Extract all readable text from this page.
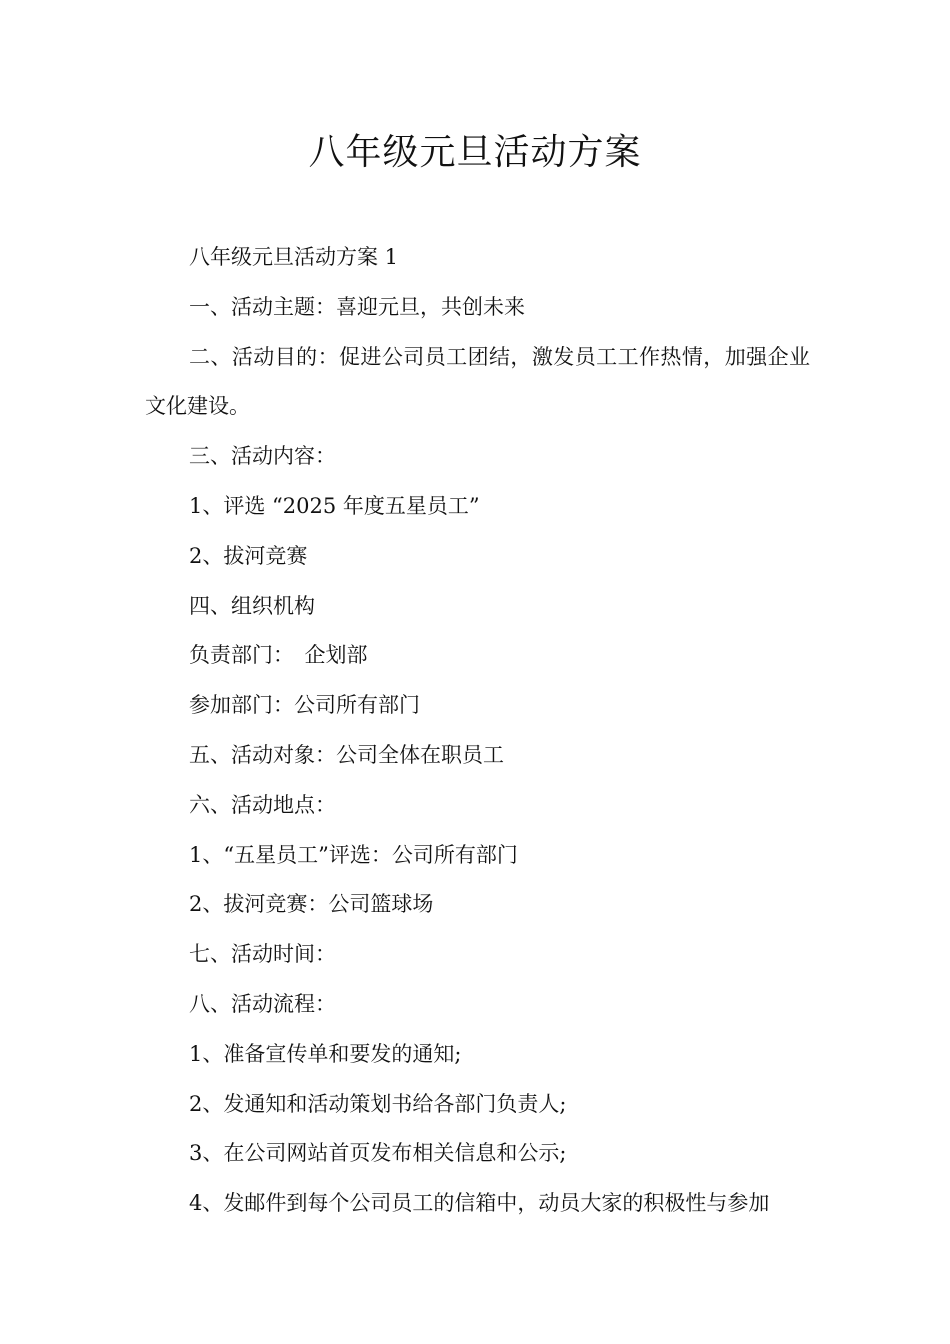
八年级元旦活动方案

八年级元旦活动方案 1

一、活动主题：喜迎元旦，共创未来

二、活动目的：促进公司员工团结，激发员工工作热情，加强企业文化建设。

三、活动内容：

1、评选 “2025 年度五星员工”

2、拔河竞赛

四、组织机构

负责部门：　企划部

参加部门：公司所有部门

五、活动对象：公司全体在职员工

六、活动地点：

1、“五星员工”评选：公司所有部门

2、拔河竞赛：公司篮球场

七、活动时间：

八、活动流程：

1、准备宣传单和要发的通知;

2、发通知和活动策划书给各部门负责人;

3、在公司网站首页发布相关信息和公示;

4、发邮件到每个公司员工的信箱中，动员大家的积极性与参加
